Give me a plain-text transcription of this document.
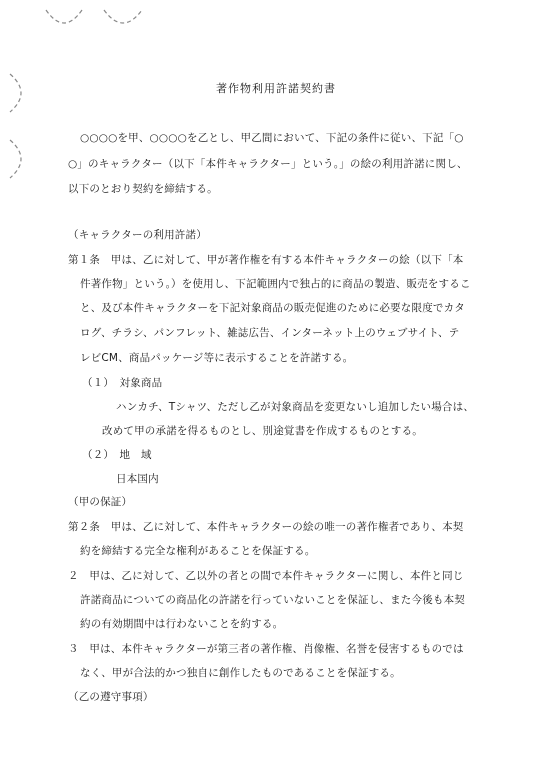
著作物利用許諾契約書
○○○○を甲、○○○○を乙とし、甲乙間において、下記の条件に従い、下記「○
○」のキャラクター（以下「本件キャラクター」という。」の絵の利用許諾に関し、
以下のとおり契約を締結する。
（キャラクターの利用許諾）
第１条　甲は、乙に対して、甲が著作権を有する本件キャラクターの絵（以下「本
件著作物」という。）を使用し、下記範囲内で独占的に商品の製造、販売をするこ
と、及び本件キャラクターを下記対象商品の販売促進のために必要な限度でカタ
ログ、チラシ、パンフレット、雑誌広告、インターネット上のウェブサイト、テ
レビCM、商品パッケージ等に表示することを許諾する。
（１）　対象商品
ハンカチ、Tシャツ、ただし乙が対象商品を変更ないし追加したい場合は、
改めて甲の承諾を得るものとし、別途覚書を作成するものとする。
（２）　地　域
日本国内
（甲の保証）
第２条　甲は、乙に対して、本件キャラクターの絵の唯一の著作権者であり、本契
約を締結する完全な権利があることを保証する。
２　甲は、乙に対して、乙以外の者との間で本件キャラクターに関し、本件と同じ
許諾商品についての商品化の許諾を行っていないことを保証し、また今後も本契
約の有効期間中は行わないことを約する。
３　甲は、本件キャラクターが第三者の著作権、肖像権、名誉を侵害するものでは
なく、甲が合法的かつ独自に創作したものであることを保証する。
（乙の遵守事項）
